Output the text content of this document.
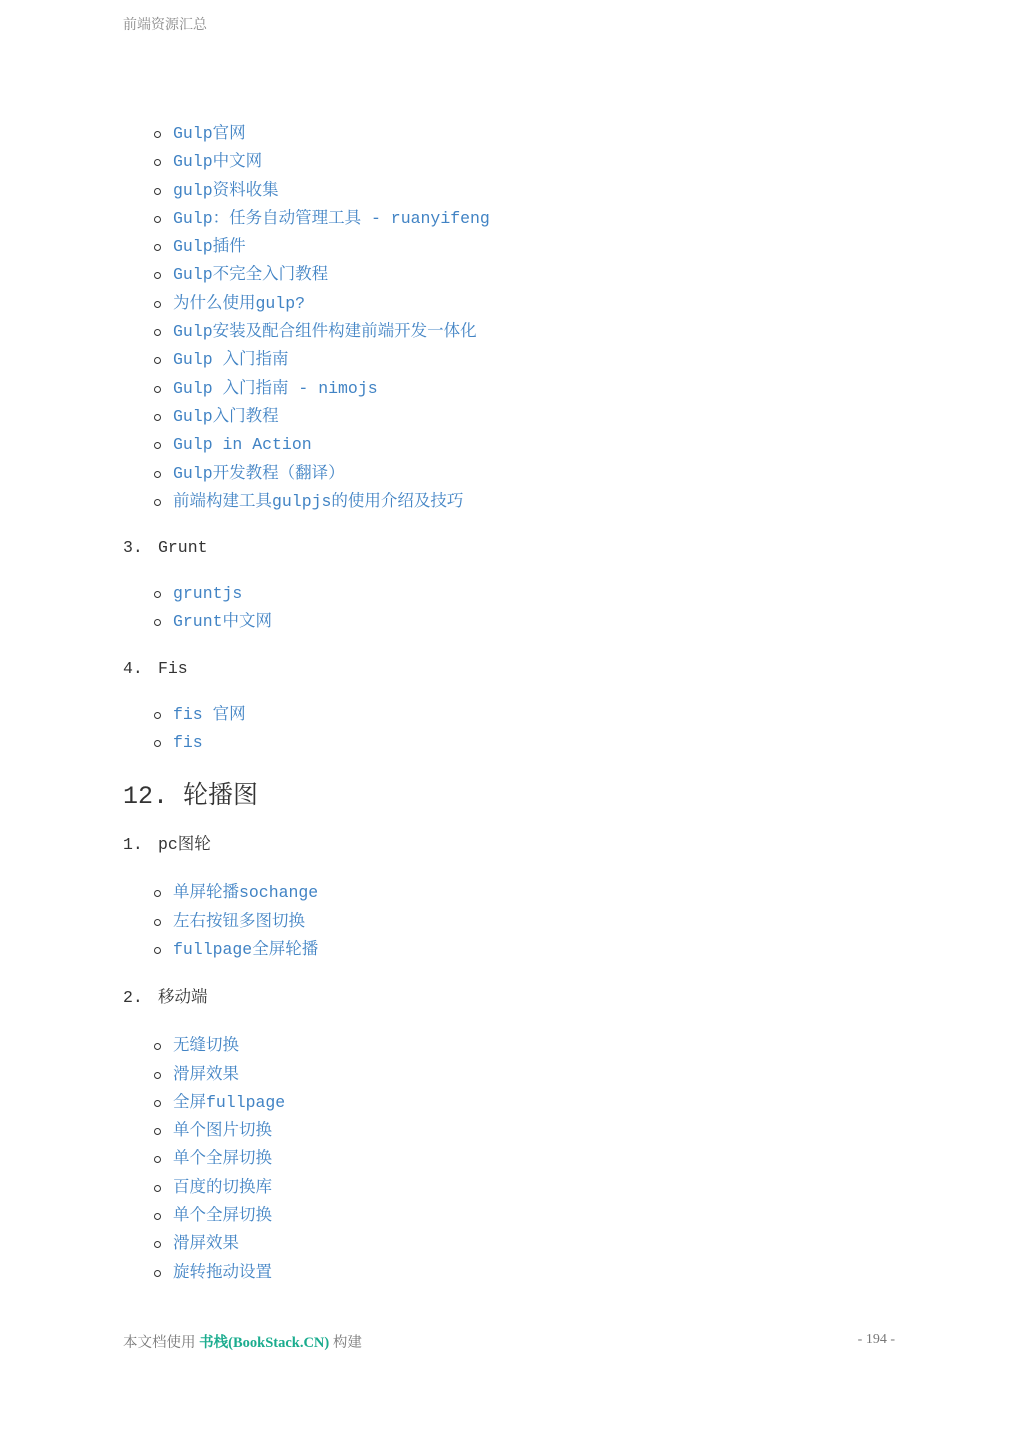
前端资源汇总
Gulp官网
Gulp中文网
gulp资料收集
Gulp：任务自动管理工具 - ruanyifeng
Gulp插件
Gulp不完全入门教程
为什么使用gulp?
Gulp安装及配合组件构建前端开发一体化
Gulp 入门指南
Gulp 入门指南 - nimojs
Gulp入门教程
Gulp in Action
Gulp开发教程（翻译）
前端构建工具gulpjs的使用介绍及技巧
3. Grunt
gruntjs
Grunt中文网
4. Fis
fis 官网
fis
12. 轮播图
1. pc图轮
单屏轮播sochange
左右按钮多图切换
fullpage全屏轮播
2. 移动端
无缝切换
滑屏效果
全屏fullpage
单个图片切换
单个全屏切换
百度的切换库
单个全屏切换
滑屏效果
旋转拖动设置
本文档使用 书栈(BookStack.CN) 构建	- 194 -
